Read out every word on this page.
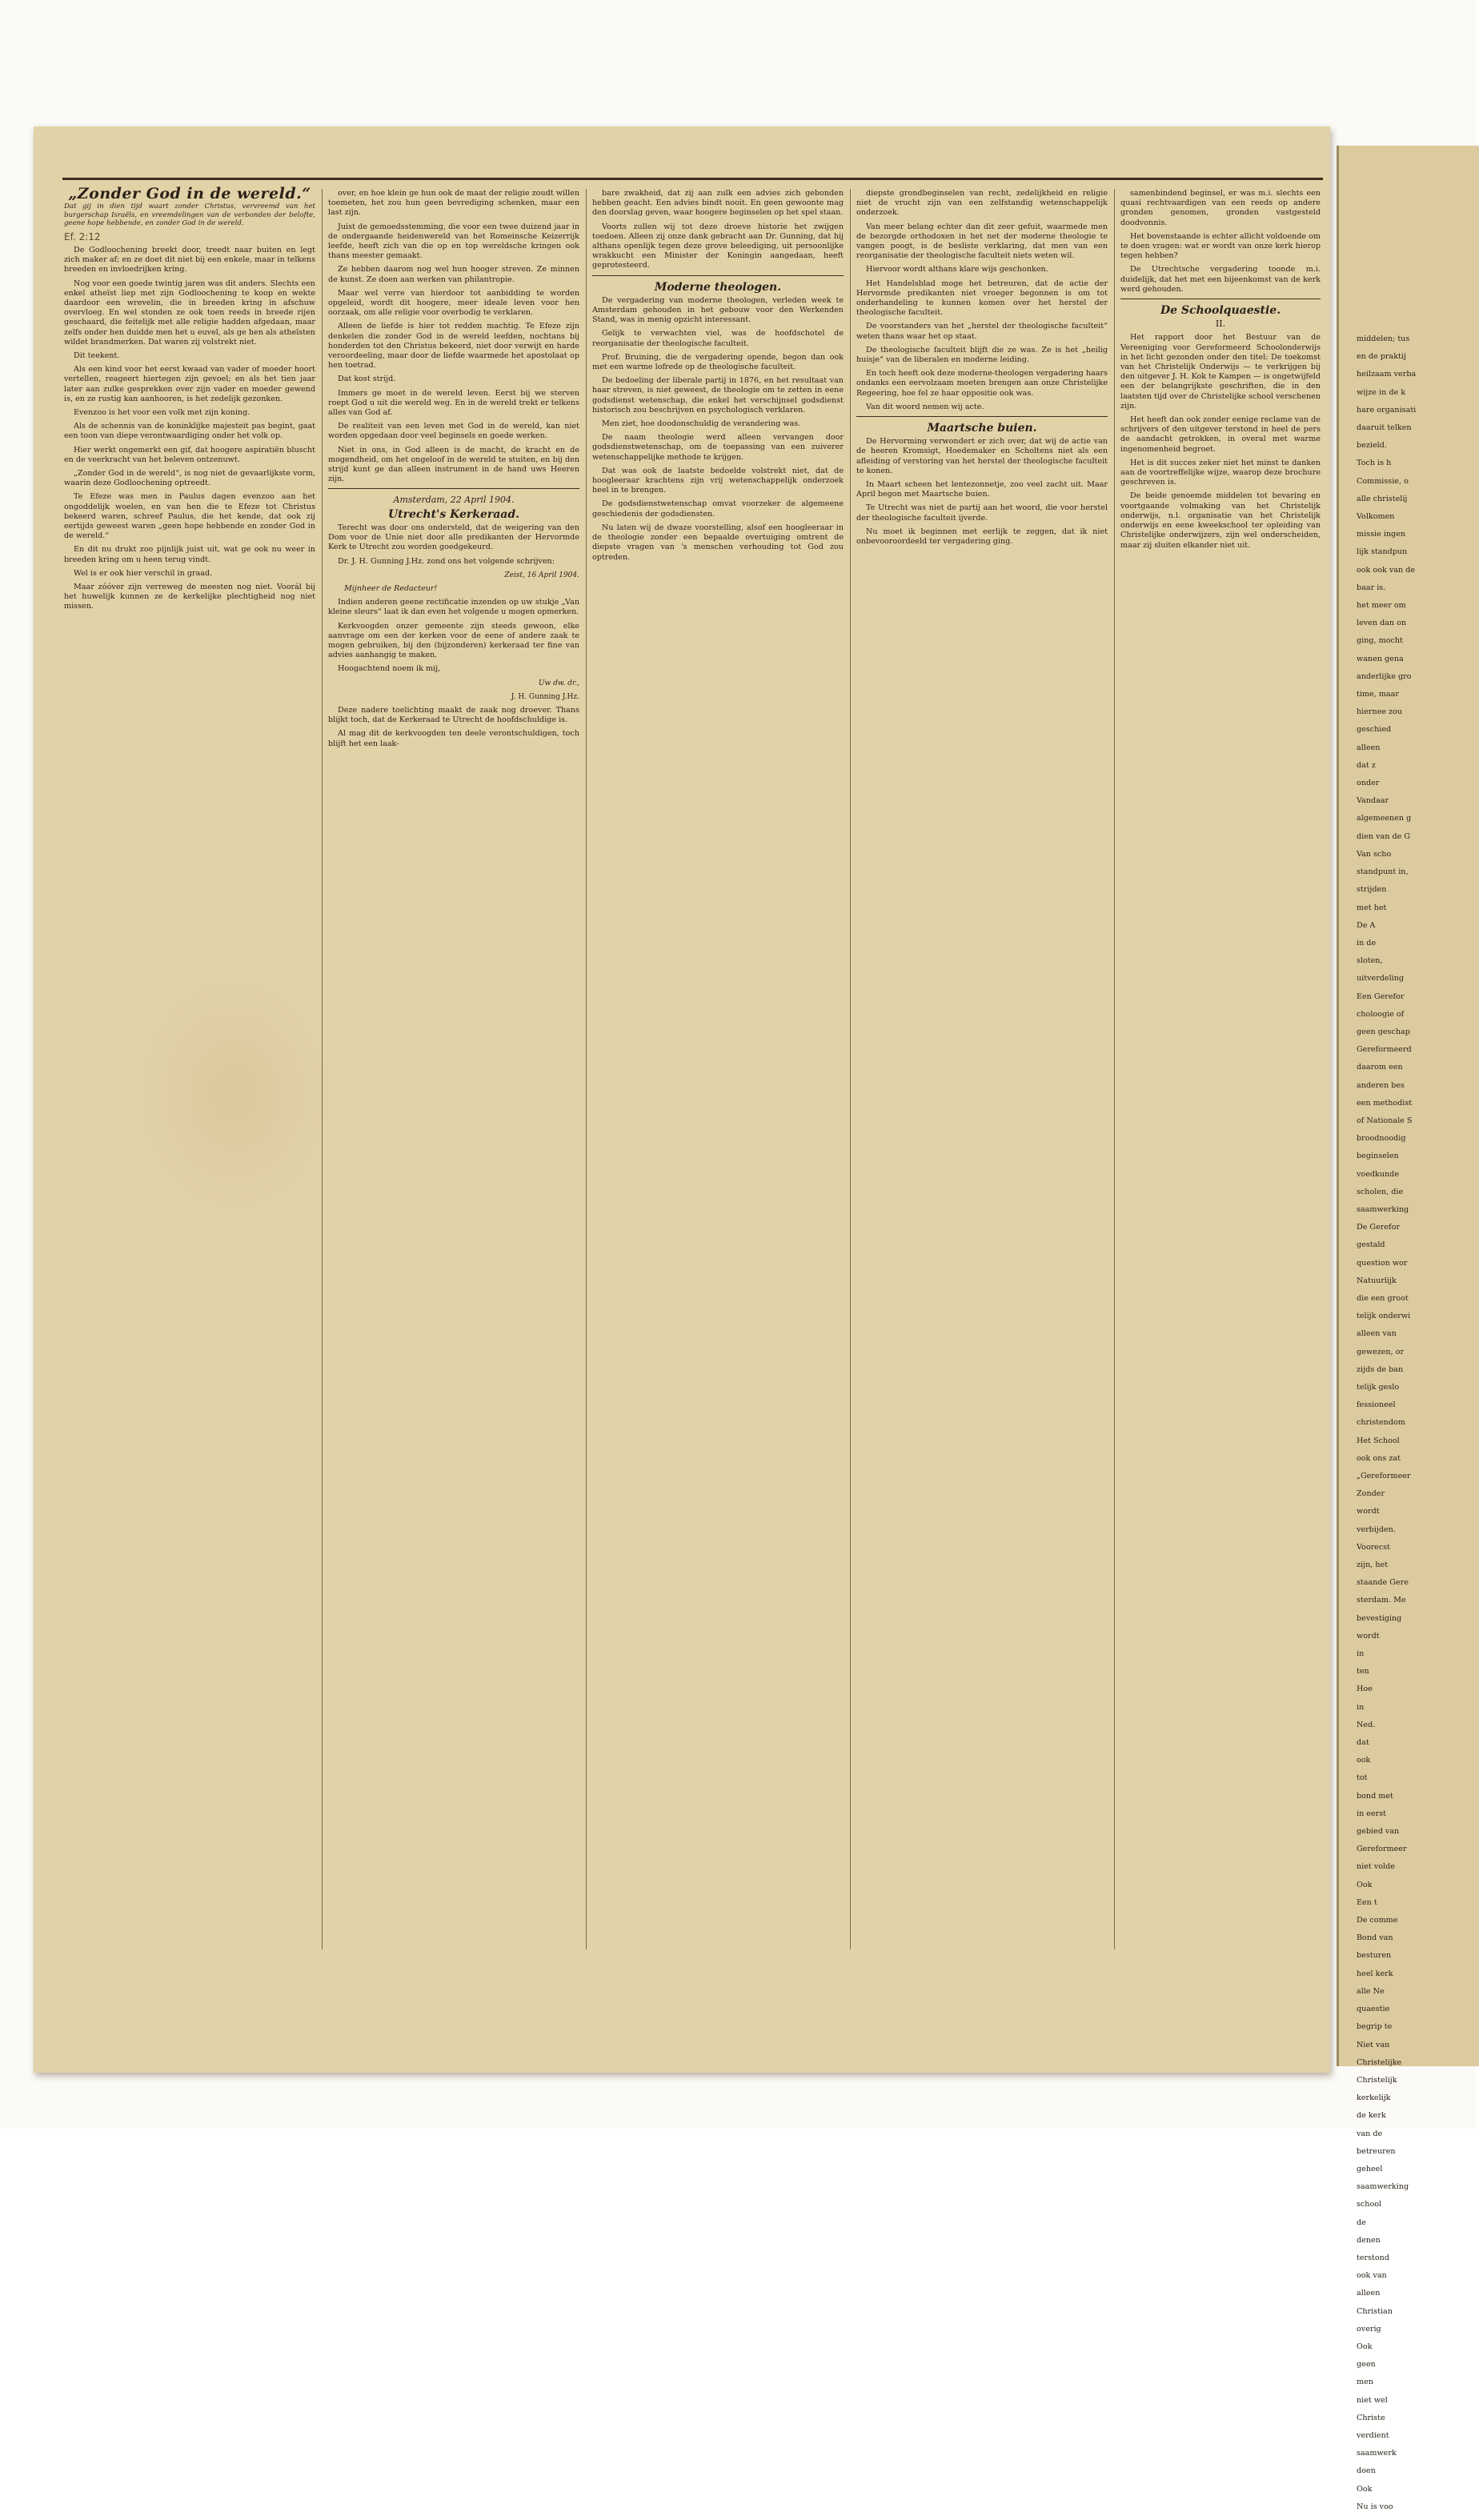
middelen; tus

en de praktij

heilzaam verba

wijze in de k

hare organisati

daaruit telken

bezield.

Toch is h

Commissie, o

alle christelij

Volkomen

missie ingen

lijk standpun

ook ook van de

baar is.

het meer om

leven dan on

ging, mocht

wanen gena

anderlijke gro

time, maar

hiernee zou

geschied

alleen

dat z

onder

Vandaar

algemeenen g

dien van de G

Van scho

standpunt in,

strijden

met het

De A

in de

sloten,

uitverdeling

Een Gerefor

choloogie of

geen geschap

Gereformeerd

daarom een

anderen bes

een methodist

of Nationale S

broodnoodig

beginselen

voedkunde

scholen, die

saamwerking

De Gerefor

gestald

question wor

Natuurlijk

die een groot

telijk onderwi

alleen van

gewezen, or

zijds de ban

telijk geslo

fessioneel

christendom

Het School

ook ons zat

„Gereformeer

Zonder

wordt

verbijden.

Voorecst

zijn, het

staande Gere

sterdam. Me

bevestiging

wordt

in

ten

Hoe

in

Ned.

dat

ook

tot

bond met

in eerst

gebied van

Gereformeer

niet volde

Ook

Een t

De comme

Bond van

besturen

heel kerk

alle Ne

quaestie

begrip te

Niet van

Christelijke

Christelijk

kerkelijk

de kerk

van de

betreuren

geheel

saamwerking

school

de

denen

terstond

ook van

alleen

Christian

overig

Ook

geen

men

niet wel

Christe

verdient

saamwerk

doen

Ook

Nu is voo

„Zonder God in de wereld.“

Dat gij in dien tijd waart zonder Christus, vervreemd van het burgerschap Israëls, en vreemdelingen van de verbonden der belofte, geene hope hebbende, en zonder God in de wereld.

Ef. 2:12

De Godloochening breekt door, treedt naar buiten en legt zich maker af; en ze doet dit niet bij een enkele, maar in telkens breeden en invloedrijken kring.

Nog voor een goede twintig jaren was dit anders. Slechts een enkel atheïst liep met zijn Godloochening te koop en wekte daardoor een wrevelin, die in breeden kring in afschuw overvloeg. En wel stonden ze ook toen reeds in breede rijen geschaard, die feitelijk met alle religie hadden afgedaan, maar zelfs onder hen duidde men het u euvel, als ge hen als atheïsten wildet brandmerken. Dat waren zij volstrekt niet.

Dit teekent.

Als een kind voor het eerst kwaad van vader of moeder hoort vertellen, reageert hiertegen zijn gevoel; en als het tien jaar later aan zulke gesprekken over zijn vader en moeder gewend is, en ze rustig kan aanhooren, is het zedelijk gezonken.

Evenzoo is het voor een volk met zijn koning.

Als de schennis van de koninklijke majesteit pas begint, gaat een toon van diepe verontwaardiging onder het volk op.

Hier werkt ongemerkt een gif, dat hoogere aspiratiën bluscht en de veerkracht van het beleven ontzenuwt.

„Zonder God in de wereld“, is nog niet de gevaarlijkste vorm, waarin deze Godloochening optreedt.

Te Efeze was men in Paulus dagen evenzoo aan het ongoddelijk woelen, en van hen die te Efeze tot Christus bekeerd waren, schreef Paulus, die het kende, dat ook zij eertijds geweest waren „geen hope hebbende en zonder God in de wereld.“

En dit nu drukt zoo pijnlijk juist uit, wat ge ook nu weer in breeden kring om u heen terug vindt.

Wel is er ook hier verschil in graad.

Maar zóóver zijn verreweg de meesten nog niet. Voorál bij het huwelijk kunnen ze de kerkelijke plechtigheid nog niet missen.

over, en hoe klein ge hun ook de maat der religie zoudt willen toemeten, het zou hun geen bevrediging schenken, maar een last zijn.

Juist de gemoedsstemming, die voor een twee duizend jaar in de ondergaande heidenwereld van het Romeinsche Keizerrijk leefde, heeft zich van die op en top wereldsche kringen ook thans meester gemaakt.

Ze hebben daarom nog wel hun hooger streven. Ze minnen de kunst. Ze doen aan werken van philantropie.

Maar wel verre van hierdoor tot aanbidding te worden opgeleid, wordt dit hoogere, meer ideale leven voor hen oorzaak, om alle religie voor overbodig te verklaren.

Alleen de liefde is hier tot redden machtig. Te Efeze zijn denkelen die zonder God in de wereld leefden, nochtans bij honderden tot den Christus bekeerd, niet door verwijt en harde veroordeeling, maar door de liefde waarmede het apostolaat op hen toetrad.

Dat kost strijd.

Immers ge moet in de wereld leven. Eerst bij we sterven roept God u uit die wereld weg. En in de wereld trekt er telkens alles van God af.

De realiteit van een leven met God in de wereld, kan niet worden opgedaan door veel beginsels en goede werken.

Niet in ons, in God alleen is de macht, de kracht en de mogendheid, om het ongeloof in de wereld te stuiten, en bij den strijd kunt ge dan alleen instrument in de hand uws Heeren zijn.

Amsterdam, 22 April 1904.

Utrecht's Kerkeraad.

Terecht was door ons ondersteld, dat de weigering van den Dom voor de Unie niet door alle predikanten der Hervormde Kerk te Utrecht zou worden goedgekeurd.

Dr. J. H. Gunning J.Hz. zond ons het volgende schrijven:

Zeist, 16 April 1904.

Mijnheer de Redacteur!

Indien anderen geene rectificatie inzenden op uw stukje „Van kleine sleurs“ laat ik dan even het volgende u mogen opmerken.

Kerkvoogden onzer gemeente zijn steeds gewoon, elke aanvrage om een der kerken voor de eene of andere zaak te mogen gebruiken, bij den (bijzonderen) kerkeraad ter fine van advies aanhangig te maken.

Hoogachtend noem ik mij,

Uw dw. dr.,

J. H. Gunning J.Hz.

Deze nadere toelichting maakt de zaak nog droever. Thans blijkt toch, dat de Kerkeraad te Utrecht de hoofdschuldige is.

Al mag dit de kerkvoogden ten deele verontschuldigen, toch blijft het een laak-

bare zwakheid, dat zij aan zulk een advies zich gebonden hebben geacht. Een advies bindt nooit. En geen gewoonte mag den doorslag geven, waar hoogere beginselen op het spel staan.

Voorts zullen wij tot deze droeve historie het zwijgen toedoen. Alleen zij onze dank gebracht aan Dr. Gunning, dat hij althans openlijk tegen deze grove beleediging, uit persoonlijke wrakkucht een Minister der Koningin aangedaan, heeft geprotesteerd.

Moderne theologen.

De vergadering van moderne theologen, verleden week te Amsterdam gehouden in het gebouw voor den Werkenden Stand, was in menig opzicht interessant.

Gelijk te verwachten viel, was de hoofdschotel de reorganisatie der theologische faculteit.

Prof. Bruining, die de vergadering opende, begon dan ook met een warme lofrede op de theologische faculteit.

De bedoeling der liberale partij in 1876, en het resultaat van haar streven, is niet geweest, de theologie om te zetten in eene godsdienst wetenschap, die enkel het verschijnsel godsdienst historisch zou beschrijven en psychologisch verklaren.

Men ziet, hoe doodonschuldig de verandering was.

De naam theologie werd alleen vervangen door godsdienstwetenschap, om de toepassing van een zuiverer wetenschappelijke methode te krijgen.

Dat was ook de laatste bedoelde volstrekt niet, dat de hoogleeraar krachtens zijn vrij wetenschappelijk onderzoek heel in te brengen.

De godsdienstwetenschap omvat voorzeker de algemeene geschiedenis der godsdiensten.

Nu laten wij de dwaze voorstelling, alsof een hoogleeraar in de theologie zonder een bepaalde overtuiging omtrent de diepste vragen van 's menschen verhouding tot God zou optreden.

diepste grondbeginselen van recht, zedelijkheid en religie niet de vrucht zijn van een zelfstandig wetenschappelijk onderzoek.

Van meer belang echter dan dit zeer gefuit, waarmede men de bezorgde orthodoxen in het net der moderne theologie te vangen poogt, is de besliste verklaring, dat men van een reorganisatie der theologische faculteit niets weten wil.

Hiervoor wordt althans klare wijs geschonken.

Het Handelsblad moge het betreuren, dat de actie der Hervormde predikanten niet vroeger begonnen is om tot onderhandeling te kunnen komen over het herstel der theologische faculteit.

De voorstanders van het „herstel der theologische faculteit“ weten thans waar het op staat.

De theologische faculteit blijft die ze was. Ze is het „heilig huisje“ van de liberalen en moderne leiding.

En toch heeft ook deze moderne-theologen vergadering haars ondanks een eervolzaam moeten brengen aan onze Christelijke Regeering, hoe fel ze haar oppositie ook was.

Van dit woord nemen wij acte.

Maartsche buien.

De Hervorming verwondert er zich over, dat wij de actie van de heeren Kromsigt, Hoedemaker en Scholtens niet als een afleiding of verstoring van het herstel der theologische faculteit te konen.

In Maart scheen het lentezonnetje, zoo veel zacht uit. Maar April begon met Maartsche buien.

Te Utrecht was niet de partij aan het woord, die voor herstel der theologische faculteit ijverde.

Nu moet ik beginnen met eerlijk te zeggen, dat ik niet onbevooroordeeld ter vergadering ging.

samenbindend beginsel, er was m.i. slechts een quasi rechtvaardigen van een reeds op andere gronden genomen, gronden vastgesteld doodvonnis.

Het bovenstaande is echter allicht voldoende om te doen vragen: wat er wordt van onze kerk hierop tegen hebben?

De Utrechtsche vergadering toonde m.i. duidelijk, dat het met een bijeenkomst van de kerk werd gehouden.

De Schoolquaestie.

II.

Het rapport door het Bestuur van de Vereeniging voor Gereformeerd Schoolonderwijs in het licht gezonden onder den titel: De toekomst van het Christelijk Onderwijs — te verkrijgen bij den uitgever J. H. Kok te Kampen — is ongetwijfeld een der belangrijkste geschriften, die in den laatsten tijd over de Christelijke school verschenen zijn.

Het heeft dan ook zonder eenige reclame van de schrijvers of den uitgever terstond in heel de pers de aandacht getrokken, in overal met warme ingenomenheid begroet.

Het is dit succes zeker niet het minst te danken aan de voortreffelijke wijze, waarop deze brochure geschreven is.

De beide genoemde middelen tot bevaring en voortgaande volmaking van het Christelijk onderwijs, n.l. organisatie van het Christelijk onderwijs en eene kweekschool ter opleiding van Christelijke onderwijzers, zijn wel onderscheiden, maar zij sluiten elkander niet uit.
